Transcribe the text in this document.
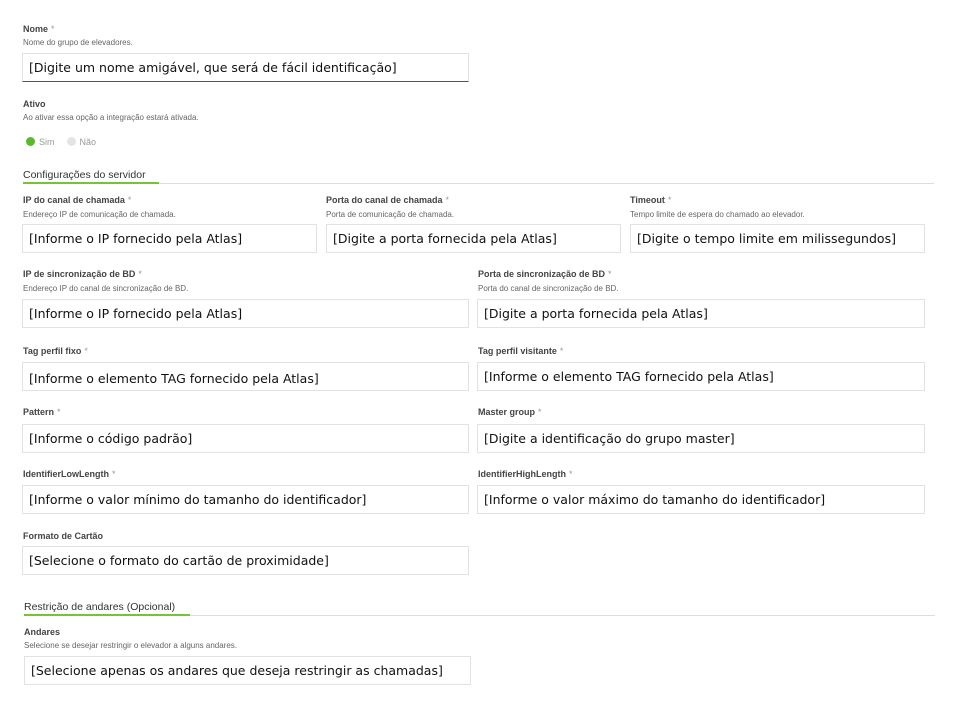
Nome *
Nome do grupo de elevadores.
[Digite um nome amigável, que será de fácil identificação]
Ativo
Ao ativar essa opção a integração estará ativada.
Sim	Não
Configurações do servidor
IP do canal de chamada *
Endereço IP de comunicação de chamada.
[Informe o IP fornecido pela Atlas]
Porta do canal de chamada *
Porta de comunicação de chamada.
[Digite a porta fornecida pela Atlas]
Timeout *
Tempo limite de espera do chamado ao elevador.
[Digite o tempo limite em milissegundos]
IP de sincronização de BD *
Endereço IP do canal de sincronização de BD.
[Informe o IP fornecido pela Atlas]
Porta de sincronização de BD *
Porta do canal de sincronização de BD.
[Digite a porta fornecida pela Atlas]
Tag perfil fixo *
[Informe o elemento TAG fornecido pela Atlas]
Tag perfil visitante *
[Informe o elemento TAG fornecido pela Atlas]
Pattern *
[Informe o código padrão]
Master group *
[Digite a identificação do grupo master]
IdentifierLowLength *
[Informe o valor mínimo do tamanho do identificador]
IdentifierHighLength *
[Informe o valor máximo do tamanho do identificador]
Formato de Cartão
[Selecione o formato do cartão de proximidade]
Restrição de andares (Opcional)
Andares
Selecione se desejar restringir o elevador a alguns andares.
[Selecione apenas os andares que deseja restringir as chamadas]
